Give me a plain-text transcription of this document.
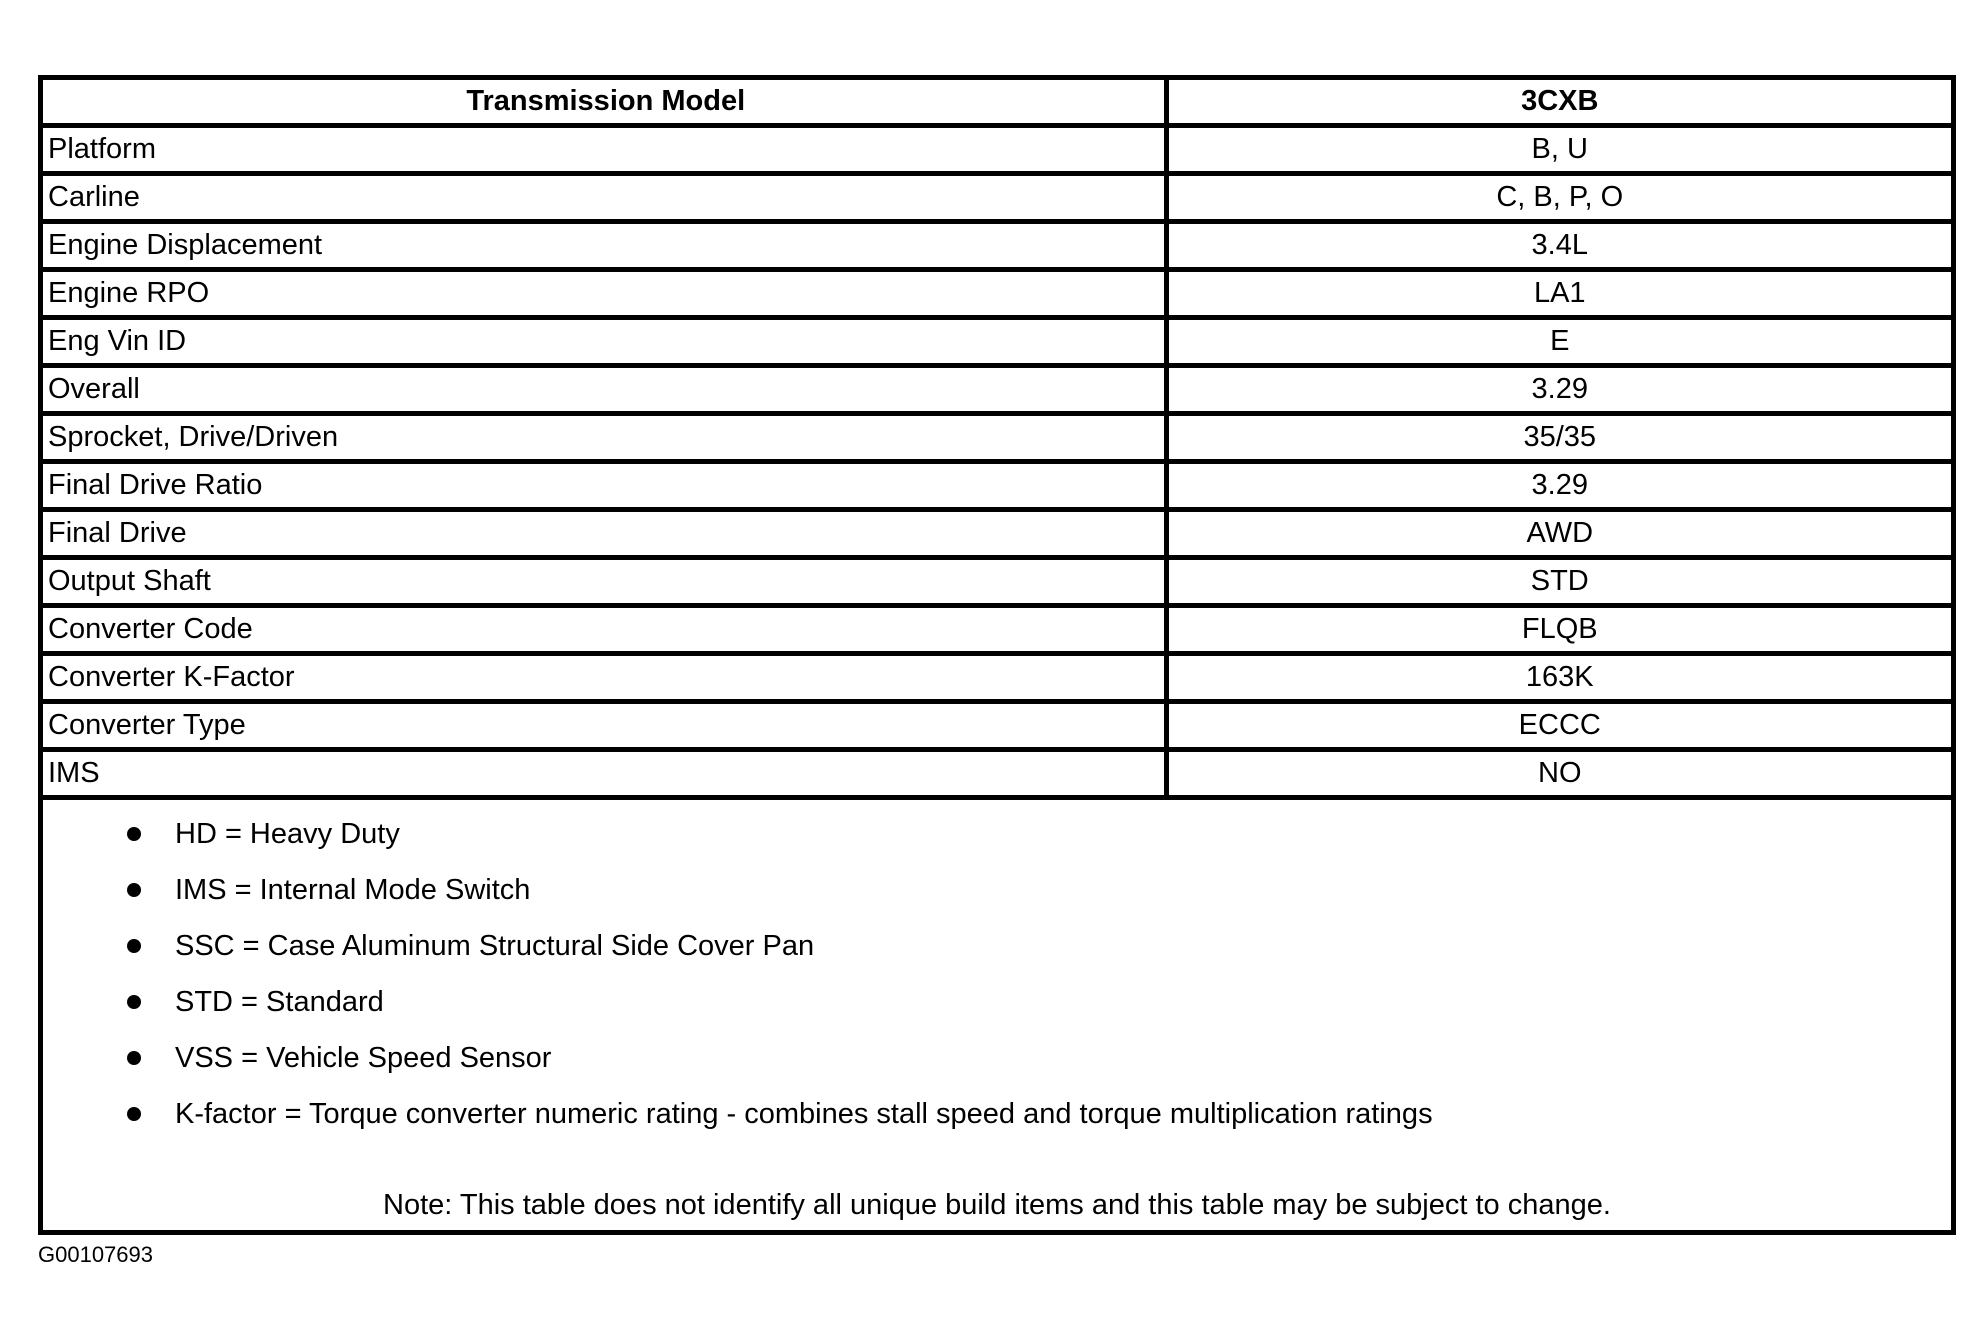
Transmission Model	3CXB
Platform	B, U
Carline	C, B, P, O
Engine Displacement	3.4L
Engine RPO	LA1
Eng Vin ID	E
Overall	3.29
Sprocket, Drive/Driven	35/35
Final Drive Ratio	3.29
Final Drive	AWD
Output Shaft	STD
Converter Code	FLQB
Converter K-Factor	163K
Converter Type	ECCC
IMS	NO
HD = Heavy Duty
IMS = Internal Mode Switch
SSC = Case Aluminum Structural Side Cover Pan
STD = Standard
VSS = Vehicle Speed Sensor
K-factor = Torque converter numeric rating - combines stall speed and torque multiplication ratings
Note: This table does not identify all unique build items and this table may be subject to change.
G00107693
